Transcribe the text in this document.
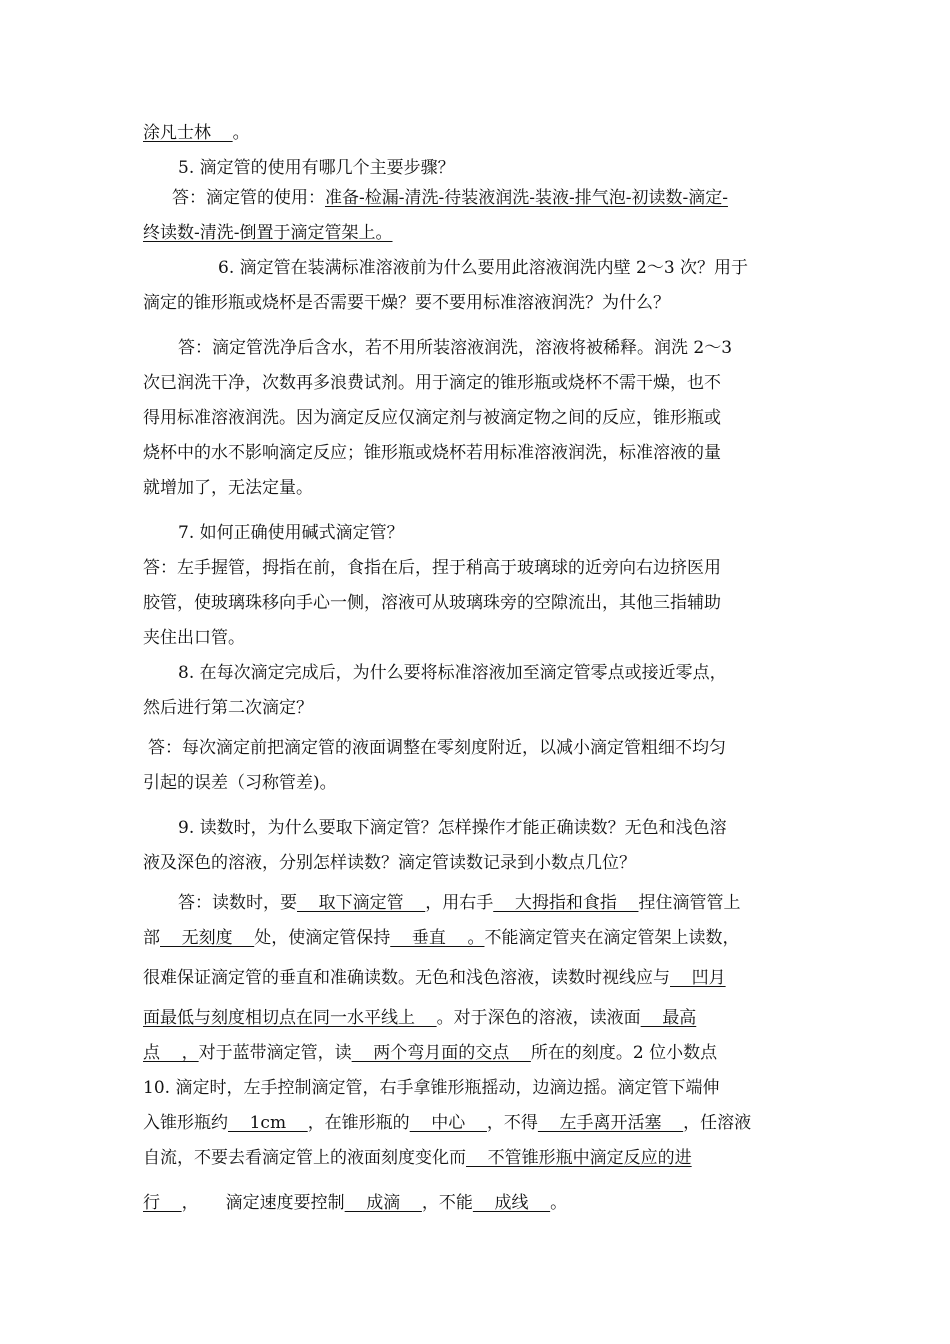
涂凡士林    。
5. 滴定管的使用有哪几个主要步骤？
答：滴定管的使用：准备-检漏-清洗-待装液润洗-装液-排气泡-初读数-滴定-
终读数-清洗-倒置于滴定管架上。
6. 滴定管在装满标准溶液前为什么要用此溶液润洗内壁 2～3 次？用于
滴定的锥形瓶或烧杯是否需要干燥？要不要用标准溶液润洗？为什么？
答：滴定管洗净后含水，若不用所装溶液润洗，溶液将被稀释。润洗 2～3
次已润洗干净，次数再多浪费试剂。用于滴定的锥形瓶或烧杯不需干燥，也不
得用标准溶液润洗。因为滴定反应仅滴定剂与被滴定物之间的反应，锥形瓶或
烧杯中的水不影响滴定反应；锥形瓶或烧杯若用标准溶液润洗，标准溶液的量
就增加了，无法定量。
7. 如何正确使用碱式滴定管？
答：左手握管，拇指在前，食指在后，捏于稍高于玻璃球的近旁向右边挤医用
胶管，使玻璃珠移向手心一侧，溶液可从玻璃珠旁的空隙流出，其他三指辅助
夹住出口管。
8. 在每次滴定完成后，为什么要将标准溶液加至滴定管零点或接近零点，
然后进行第二次滴定？
答：每次滴定前把滴定管的液面调整在零刻度附近，以减小滴定管粗细不均匀
引起的误差（习称管差)。
9. 读数时，为什么要取下滴定管？怎样操作才能正确读数？无色和浅色溶
液及深色的溶液，分别怎样读数？滴定管读数记录到小数点几位？
答：读数时，要    取下滴定管    ，用右手    大拇指和食指    捏住滴管管上
部    无刻度    处，使滴定管保持    垂直    。不能滴定管夹在滴定管架上读数，
很难保证滴定管的垂直和准确读数。无色和浅色溶液，读数时视线应与    凹月
面最低与刻度相切点在同一水平线上    。对于深色的溶液，读液面    最高
点    ，对于蓝带滴定管，读    两个弯月面的交点    所在的刻度。2 位小数点
10. 滴定时，左手控制滴定管，右手拿锥形瓶摇动，边滴边摇。滴定管下端伸
入锥形瓶约    1cm    ，在锥形瓶的    中心    ，不得    左手离开活塞    ，任溶液
自流，不要去看滴定管上的液面刻度变化而    不管锥形瓶中滴定反应的进
行    ，     滴定速度要控制    成滴    ，不能    成线    。
